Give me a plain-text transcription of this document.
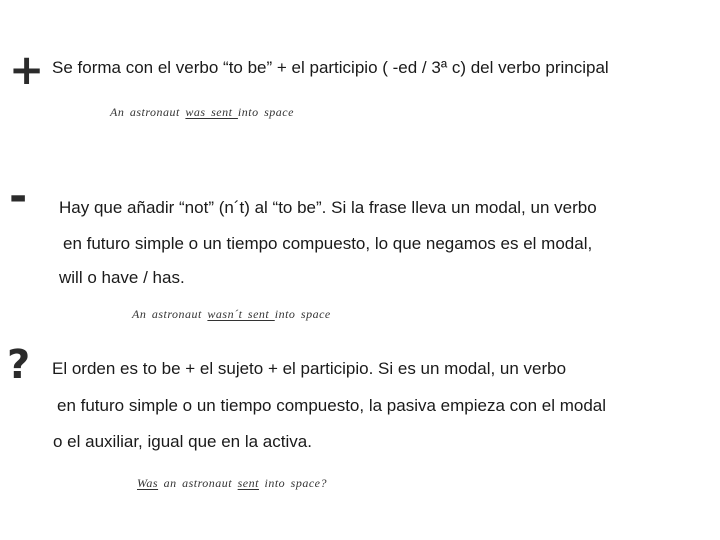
+ Se forma con el verbo “to be” + el participio ( -ed / 3ª c) del verbo principal
An astronaut was sent into space
- Hay que añadir “not” (n´t) al “to be”. Si la frase lleva un modal, un verbo
en futuro simple o un tiempo compuesto, lo que negamos es el modal,
will o have / has.
An astronaut wasn´t sent into space
? El orden es to be + el sujeto + el participio. Si es un modal, un verbo
en futuro simple o un tiempo compuesto, la pasiva empieza con el modal
o el auxiliar, igual que en la activa.
Was an astronaut sent into space?
